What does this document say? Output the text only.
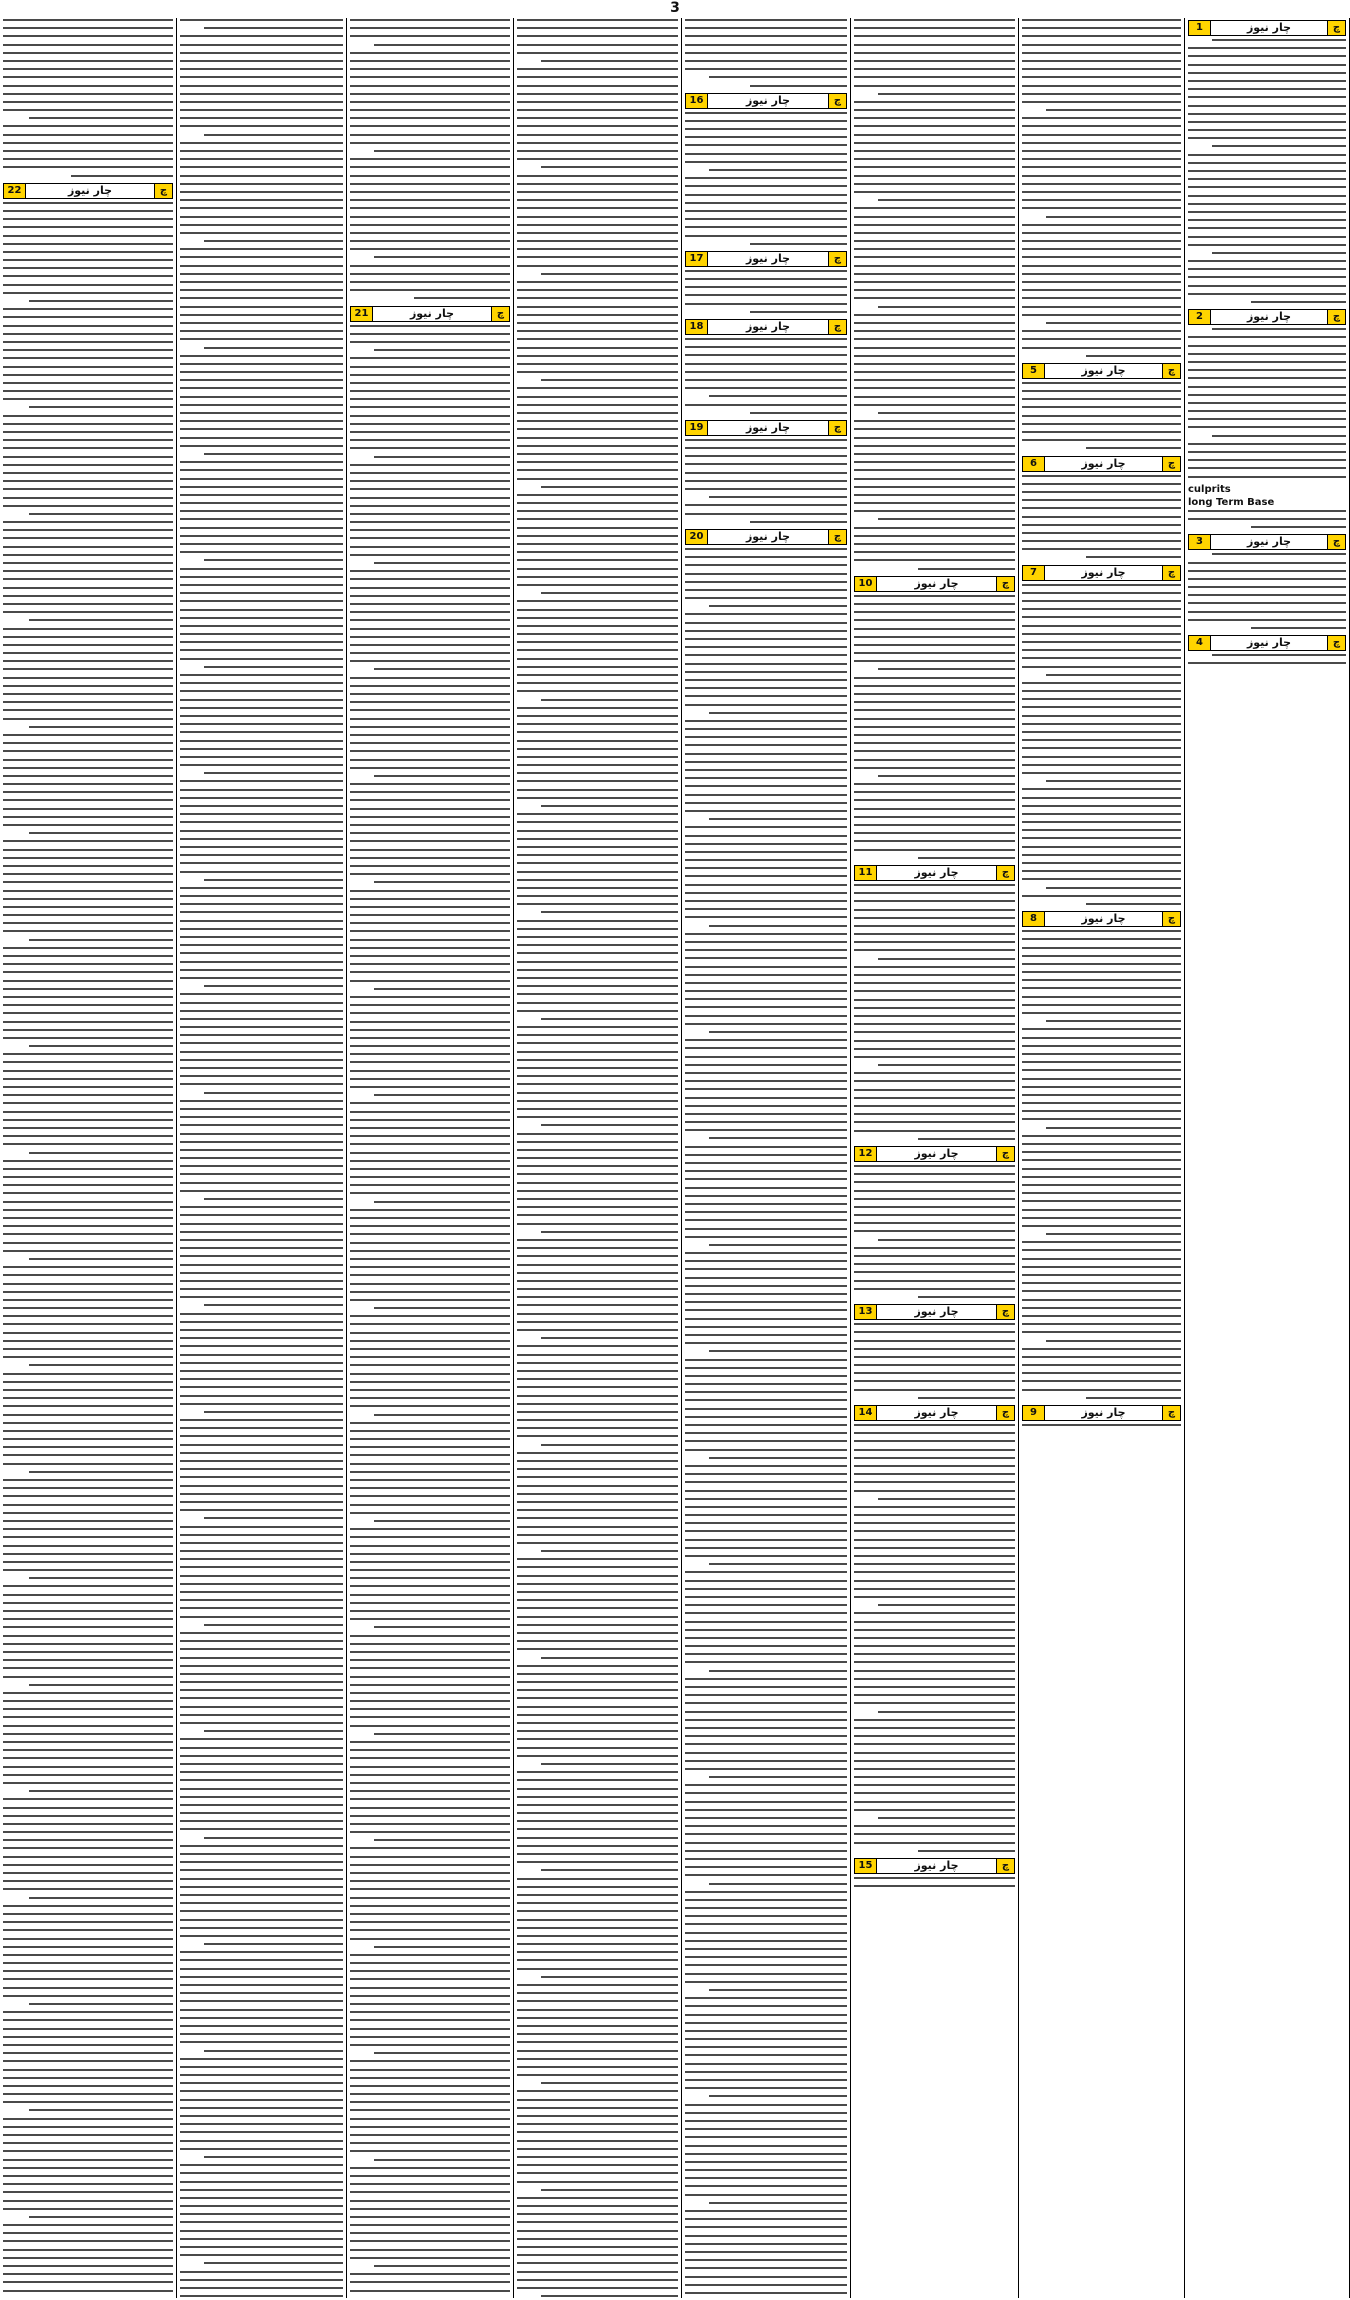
3
چ
چار نیوز
1
چ
چار نیوز
2
culprits
long Term Base
چ
چار نیوز
3
چ
چار نیوز
4
چ
چار نیوز
5
چ
چار نیوز
6
چ
چار نیوز
7
چ
چار نیوز
8
چ
چار نیوز
9
چ
چار نیوز
10
چ
چار نیوز
11
چ
چار نیوز
12
چ
چار نیوز
13
چ
چار نیوز
14
چ
چار نیوز
15
چ
چار نیوز
16
چ
چار نیوز
17
چ
چار نیوز
18
چ
چار نیوز
19
چ
چار نیوز
20
چ
چار نیوز
21
چ
چار نیوز
22
